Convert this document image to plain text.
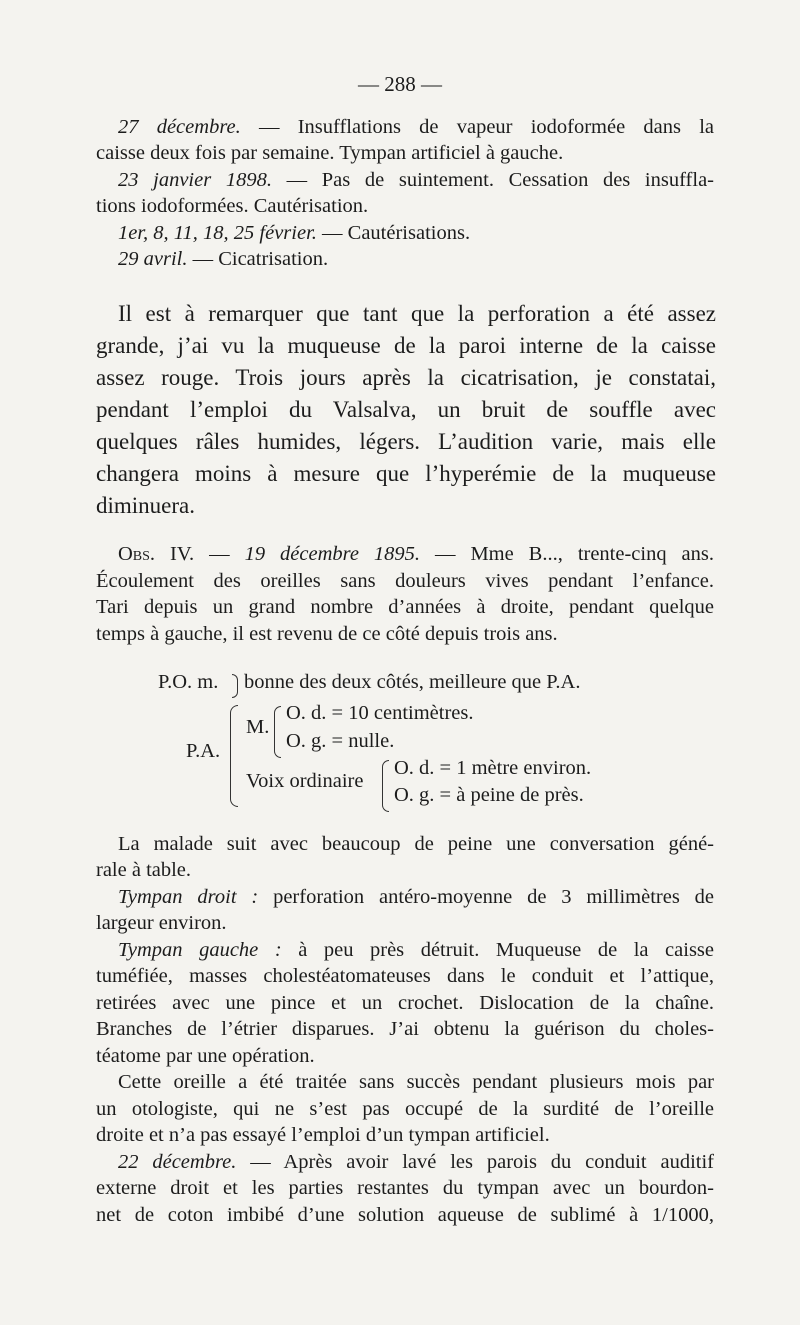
— 288 —
27 décembre. — Insufflations de vapeur iodoformée dans la
caisse deux fois par semaine. Tympan artificiel à gauche.
23 janvier 1898. — Pas de suintement. Cessation des insuffla-
tions iodoformées. Cautérisation.
1er, 8, 11, 18, 25 février. — Cautérisations.
29 avril. — Cicatrisation.
Il est à remarquer que tant que la perforation a été assez
grande, j’ai vu la muqueuse de la paroi interne de la caisse
assez rouge. Trois jours après la cicatrisation, je constatai,
pendant l’emploi du Valsalva, un bruit de souffle avec
quelques râles humides, légers. L’audition varie, mais elle
changera moins à mesure que l’hyperémie de la muqueuse
diminuera.
Obs. IV. — 19 décembre 1895. — Mme B..., trente-cinq ans.
Écoulement des oreilles sans douleurs vives pendant l’enfance.
Tari depuis un grand nombre d’années à droite, pendant quelque
temps à gauche, il est revenu de ce côté depuis trois ans.
P.O. m. bonne des deux côtés, meilleure que P.A.
P.A.
M.
O. d. = 10 centimètres.
O. g. = nulle.
Voix ordinaire
O. d. = 1 mètre environ.
O. g. = à peine de près.
La malade suit avec beaucoup de peine une conversation géné-
rale à table.
Tympan droit : perforation antéro-moyenne de 3 millimètres de
largeur environ.
Tympan gauche : à peu près détruit. Muqueuse de la caisse
tuméfiée, masses cholestéatomateuses dans le conduit et l’attique,
retirées avec une pince et un crochet. Dislocation de la chaîne.
Branches de l’étrier disparues. J’ai obtenu la guérison du choles-
téatome par une opération.
Cette oreille a été traitée sans succès pendant plusieurs mois par
un otologiste, qui ne s’est pas occupé de la surdité de l’oreille
droite et n’a pas essayé l’emploi d’un tympan artificiel.
22 décembre. — Après avoir lavé les parois du conduit auditif
externe droit et les parties restantes du tympan avec un bourdon-
net de coton imbibé d’une solution aqueuse de sublimé à 1/1000,
